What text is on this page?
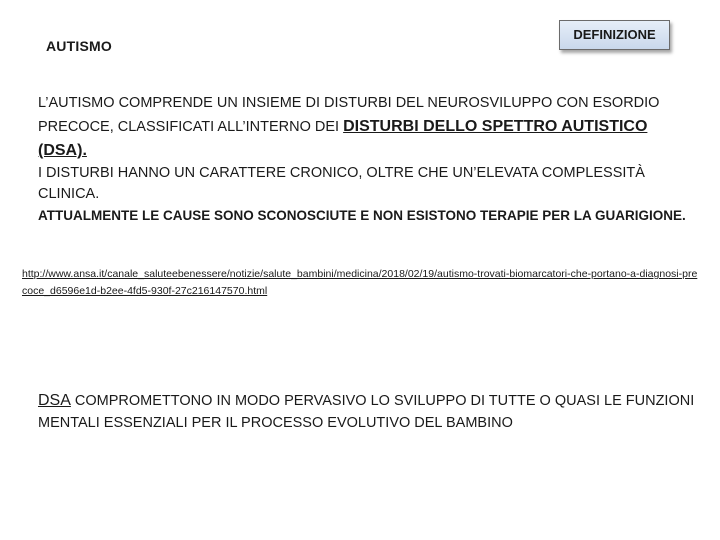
AUTISMO
DEFINIZIONE
L’AUTISMO COMPRENDE UN INSIEME DI DISTURBI DEL NEUROSVILUPPO CON ESORDIO PRECOCE, CLASSIFICATI ALL’INTERNO DEI DISTURBI DELLO SPETTRO AUTISTICO (DSA).
I DISTURBI HANNO UN CARATTERE CRONICO, OLTRE CHE UN’ELEVATA COMPLESSITÀ CLINICA.
ATTUALMENTE LE CAUSE SONO SCONOSCIUTE E NON ESISTONO TERAPIE PER LA GUARIGIONE.
http://www.ansa.it/canale_saluteebenessere/notizie/salute_bambini/medicina/2018/02/19/autismo-trovati-biomarcatori-che-portano-a-diagnosi-precoce_d6596e1d-b2ee-4fd5-930f-27c216147570.html
DSA COMPROMETTONO IN MODO PERVASIVO LO SVILUPPO DI TUTTE O QUASI LE FUNZIONI MENTALI ESSENZIALI PER IL PROCESSO EVOLUTIVO DEL BAMBINO
